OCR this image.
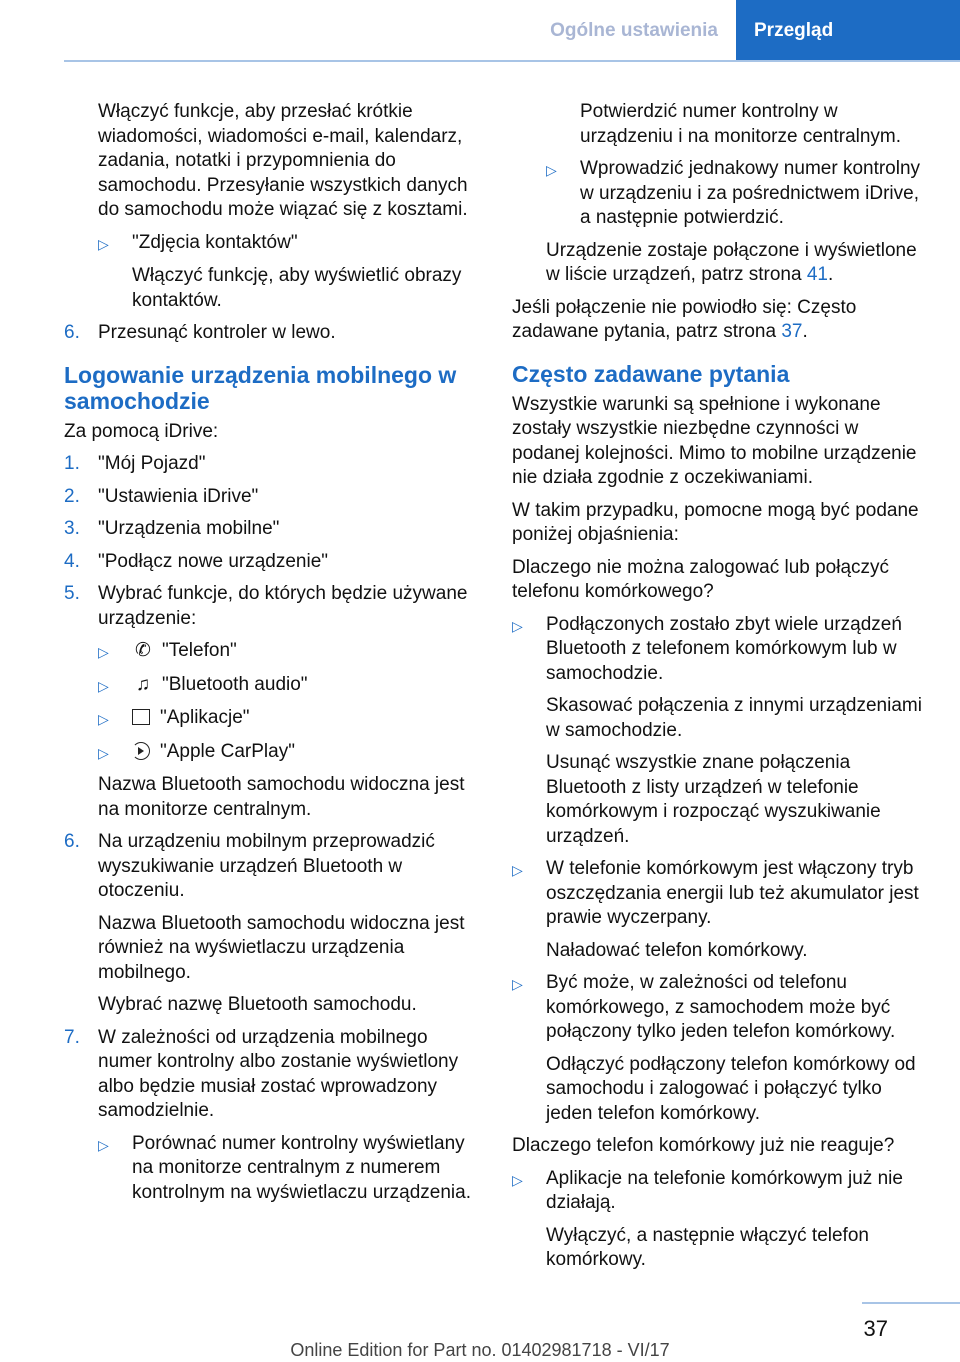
Ogólne ustawienia	Przegląd

Włączyć funkcje, aby przesłać krótkie wiadomości, wiadomości e-mail, kalendarz, zadania, notatki i przypomnienia do samochodu. Przesyłanie wszystkich danych do samochodu może wiązać się z kosztami.

▷	"Zdjęcia kontaktów"

Włączyć funkcję, aby wyświetlić obrazy kontaktów.

6. Przesunąć kontroler w lewo.
Logowanie urządzenia mobilnego w samochodzie

Za pomocą iDrive:

1. "Mój Pojazd"
2. "Ustawienia iDrive"
3. "Urządzenia mobilne"
4. "Podłącz nowe urządzenie"
5. Wybrać funkcje, do których będzie używane urządzenie:
▷	✆ "Telefon"
▷	♫ "Bluetooth audio"
▷	"Aplikacje"
▷	"Apple CarPlay"

Nazwa Bluetooth samochodu widoczna jest na monitorze centralnym.

6. Na urządzeniu mobilnym przeprowadzić wyszukiwanie urządzeń Bluetooth w otoczeniu.

Nazwa Bluetooth samochodu widoczna jest również na wyświetlaczu urządzenia mobilnego.

Wybrać nazwę Bluetooth samochodu.

7. W zależności od urządzenia mobilnego numer kontrolny albo zostanie wyświetlony albo będzie musiał zostać wprowadzony samodzielnie.
▷	Porównać numer kontrolny wyświetlany na monitorze centralnym z numerem kontrolnym na wyświetlaczu urządzenia.

Potwierdzić numer kontrolny w urządzeniu i na monitorze centralnym.

▷	Wprowadzić jednakowy numer kontrolny w urządzeniu i za pośrednictwem iDrive, a następnie potwierdzić.

Urządzenie zostaje połączone i wyświetlone w liście urządzeń, patrz strona 41.

Jeśli połączenie nie powiodło się: Często zadawane pytania, patrz strona 37.

Często zadawane pytania

Wszystkie warunki są spełnione i wykonane zostały wszystkie niezbędne czynności w podanej kolejności. Mimo to mobilne urządzenie nie działa zgodnie z oczekiwaniami.

W takim przypadku, pomocne mogą być podane poniżej objaśnienia:

Dlaczego nie można zalogować lub połączyć telefonu komórkowego?

▷	Podłączonych zostało zbyt wiele urządzeń Bluetooth z telefonem komórkowym lub w samochodzie.

Skasować połączenia z innymi urządzeniami w samochodzie.

Usunąć wszystkie znane połączenia Bluetooth z listy urządzeń w telefonie komórkowym i rozpocząć wyszukiwanie urządzeń.

▷	W telefonie komórkowym jest włączony tryb oszczędzania energii lub też akumulator jest prawie wyczerpany.

Naładować telefon komórkowy.

▷	Być może, w zależności od telefonu komórkowego, z samochodem może być połączony tylko jeden telefon komórkowy.

Odłączyć podłączony telefon komórkowy od samochodu i zalogować i połączyć tylko jeden telefon komórkowy.

Dlaczego telefon komórkowy już nie reaguje?

▷	Aplikacje na telefonie komórkowym już nie działają.

Wyłączyć, a następnie włączyć telefon komórkowy.

37
Online Edition for Part no. 01402981718 - VI/17
